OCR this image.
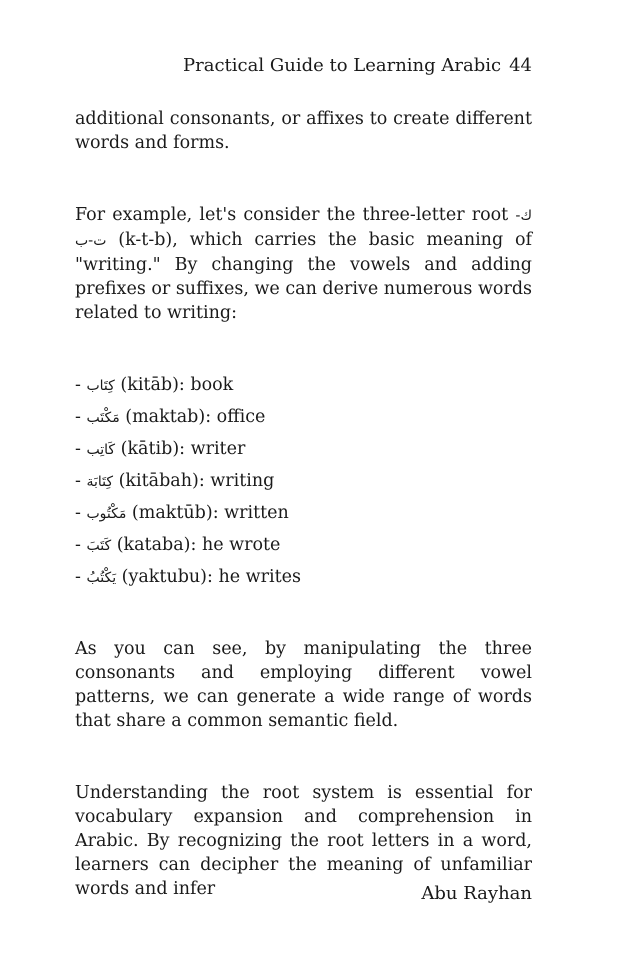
Practical Guide to Learning Arabic 44

additional consonants, or affixes to create different words and forms.

For example, let's consider the three-letter root ك-ت-ب (k-t-b), which carries the basic meaning of "writing." By changing the vowels and adding prefixes or suffixes, we can derive numerous words related to writing:

- كِتَاب (kitāb): book
- مَكْتَب (maktab): office
- كَاتِب (kātib): writer
- كِتَابَة (kitābah): writing
- مَكْتُوب (maktūb): written
- كَتَبَ (kataba): he wrote
- يَكْتُبُ (yaktubu): he writes

As you can see, by manipulating the three consonants and employing different vowel patterns, we can generate a wide range of words that share a common semantic field.

Understanding the root system is essential for vocabulary expansion and comprehension in Arabic. By recognizing the root letters in a word, learners can decipher the meaning of unfamiliar words and infer	Abu Rayhan
